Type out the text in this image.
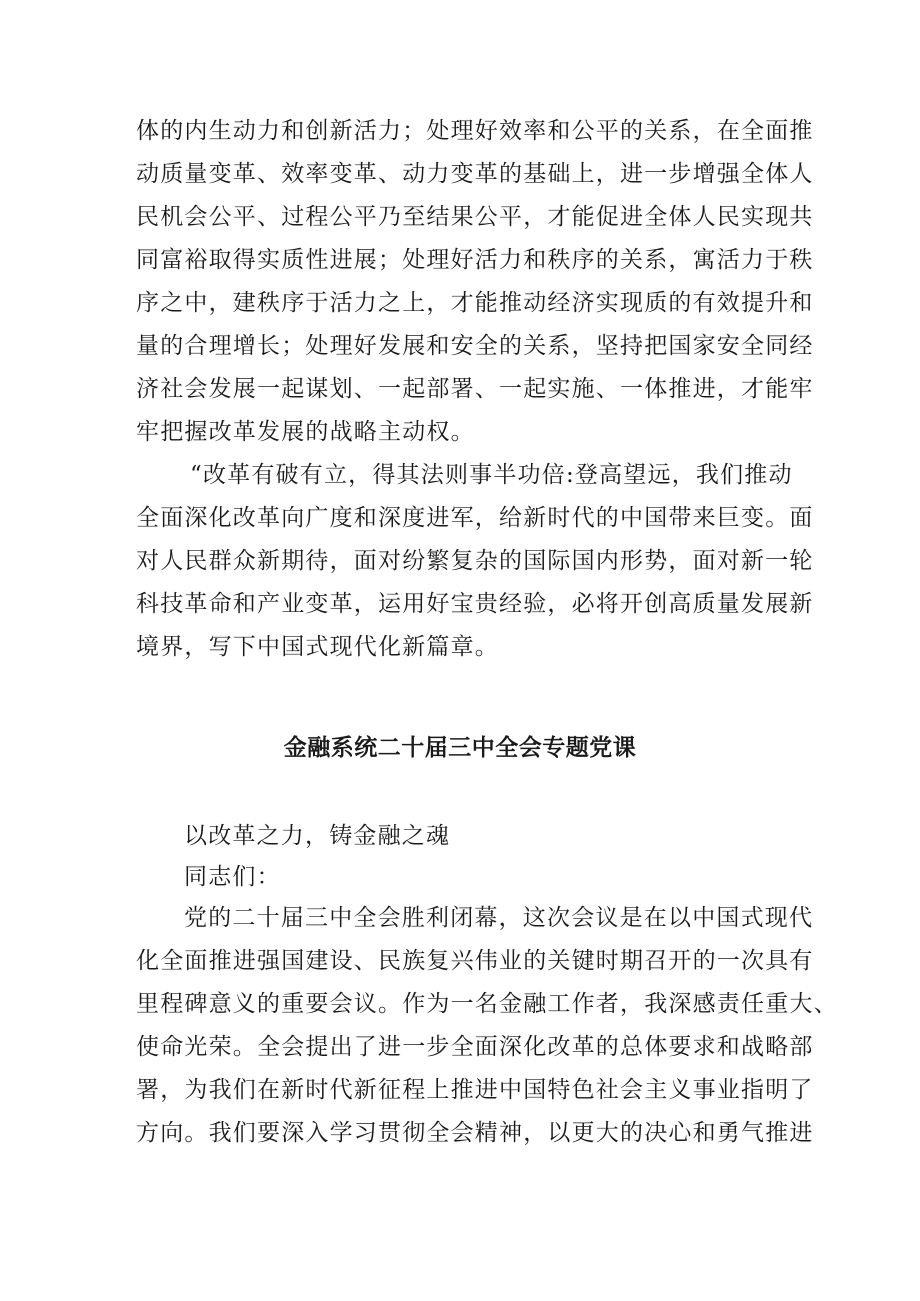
体的内生动力和创新活力；处理好效率和公平的关系，在全面推
动质量变革、效率变革、动力变革的基础上，进一步增强全体人
民机会公平、过程公平乃至结果公平，才能促进全体人民实现共
同富裕取得实质性进展；处理好活力和秩序的关系，寓活力于秩
序之中，建秩序于活力之上，才能推动经济实现质的有效提升和
量的合理增长；处理好发展和安全的关系，坚持把国家安全同经
济社会发展一起谋划、一起部署、一起实施、一体推进，才能牢
牢把握改革发展的战略主动权。
“改革有破有立，得其法则事半功倍:登高望远，我们推动
全面深化改革向广度和深度进军，给新时代的中国带来巨变。面
对人民群众新期待，面对纷繁复杂的国际国内形势，面对新一轮
科技革命和产业变革，运用好宝贵经验，必将开创高质量发展新
境界，写下中国式现代化新篇章。
金融系统二十届三中全会专题党课
以改革之力，铸金融之魂
同志们：
党的二十届三中全会胜利闭幕，这次会议是在以中国式现代
化全面推进强国建设、民族复兴伟业的关键时期召开的一次具有
里程碑意义的重要会议。作为一名金融工作者，我深感责任重大、
使命光荣。全会提出了进一步全面深化改革的总体要求和战略部
署，为我们在新时代新征程上推进中国特色社会主义事业指明了
方向。我们要深入学习贯彻全会精神，以更大的决心和勇气推进
